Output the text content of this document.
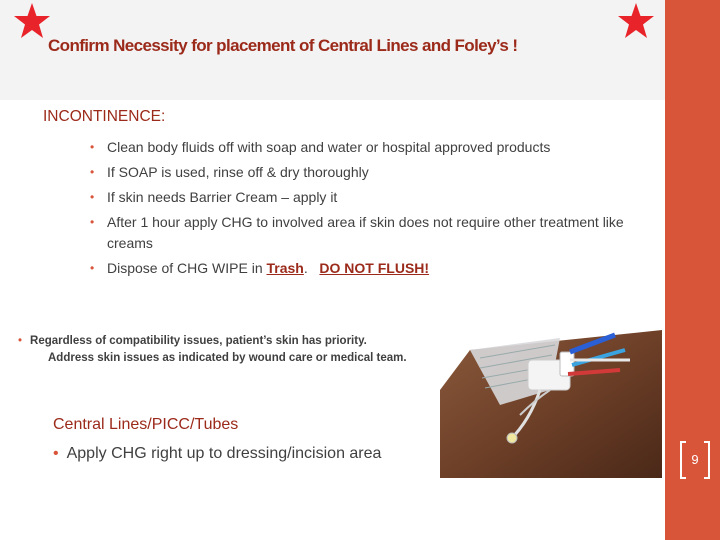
Confirm Necessity for placement of Central Lines and Foley’s !
INCONTINENCE:
• Clean body fluids off with soap and water or hospital approved products
• If SOAP is used, rinse off & dry thoroughly
• If skin needs Barrier Cream – apply it
• After 1 hour apply CHG to involved area if skin does not require other treatment like creams
• Dispose of CHG WIPE in Trash.   DO NOT FLUSH!
• Regardless of compatibility issues, patient’s skin has priority.
Address skin issues as indicated by wound care or medical team.
Central Lines/PICC/Tubes
• Apply CHG right up to dressing/incision area	9
